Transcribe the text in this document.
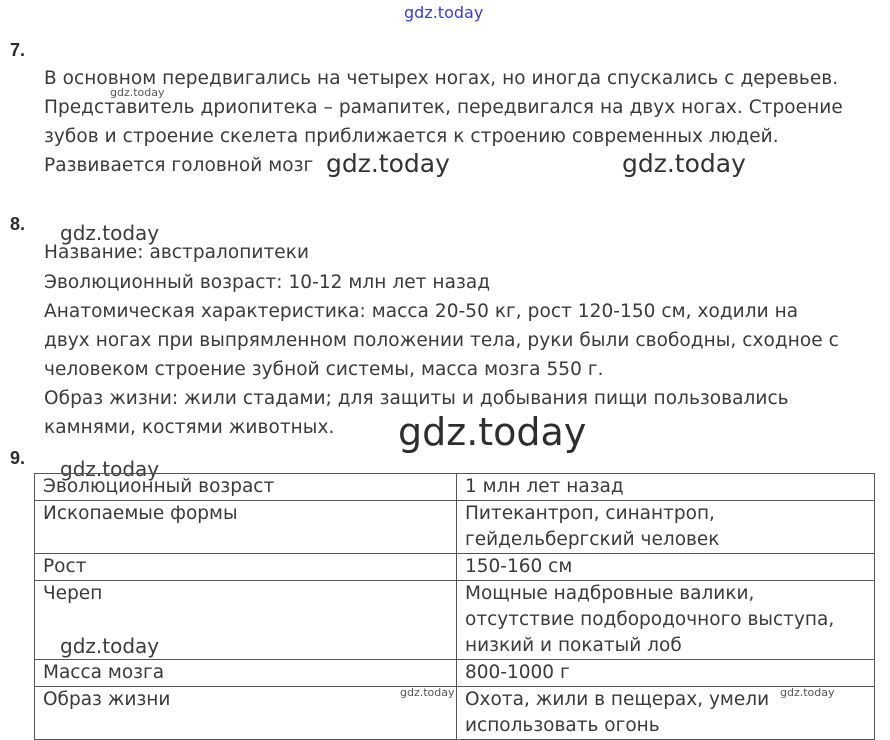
gdz.today
gdz.today
7.
В основном передвигались на четырех ногах, но иногда спускались с деревьев.
Представитель дриопитека – рамапитек, передвигался на двух ногах. Строение
зубов и строение скелета приближается к строению современных людей.
Развивается головной мозг gdz.today	gdz.today
8. gdz.today
Название: австралопитеки
Эволюционный возраст: 10-12 млн лет назад
Анатомическая характеристика: масса 20-50 кг, рост 120-150 см, ходили на
двух ногах при выпрямленном положении тела, руки были свободны, сходное с
человеком строение зубной системы, масса мозга 550 г.
Образ жизни: жили стадами; для защиты и добывания пищи пользовались
камнями, костями животных. gdz.today
9. gdz.today
Эволюционный возраст	1 млн лет назад
Ископаемые формы	Питекантроп, синантроп,
гейдельбергский человек

Рост	150-160 см
Череп	Мощные надбровные валики,
отсутствие подбородочного выступа,
низкий и покатый лоб

Масса мозга	800-1000 г
Образ жизни	Охота, жили в пещерах, умели
использовать огонь
gdz.today
gdz.today	gdz.today
